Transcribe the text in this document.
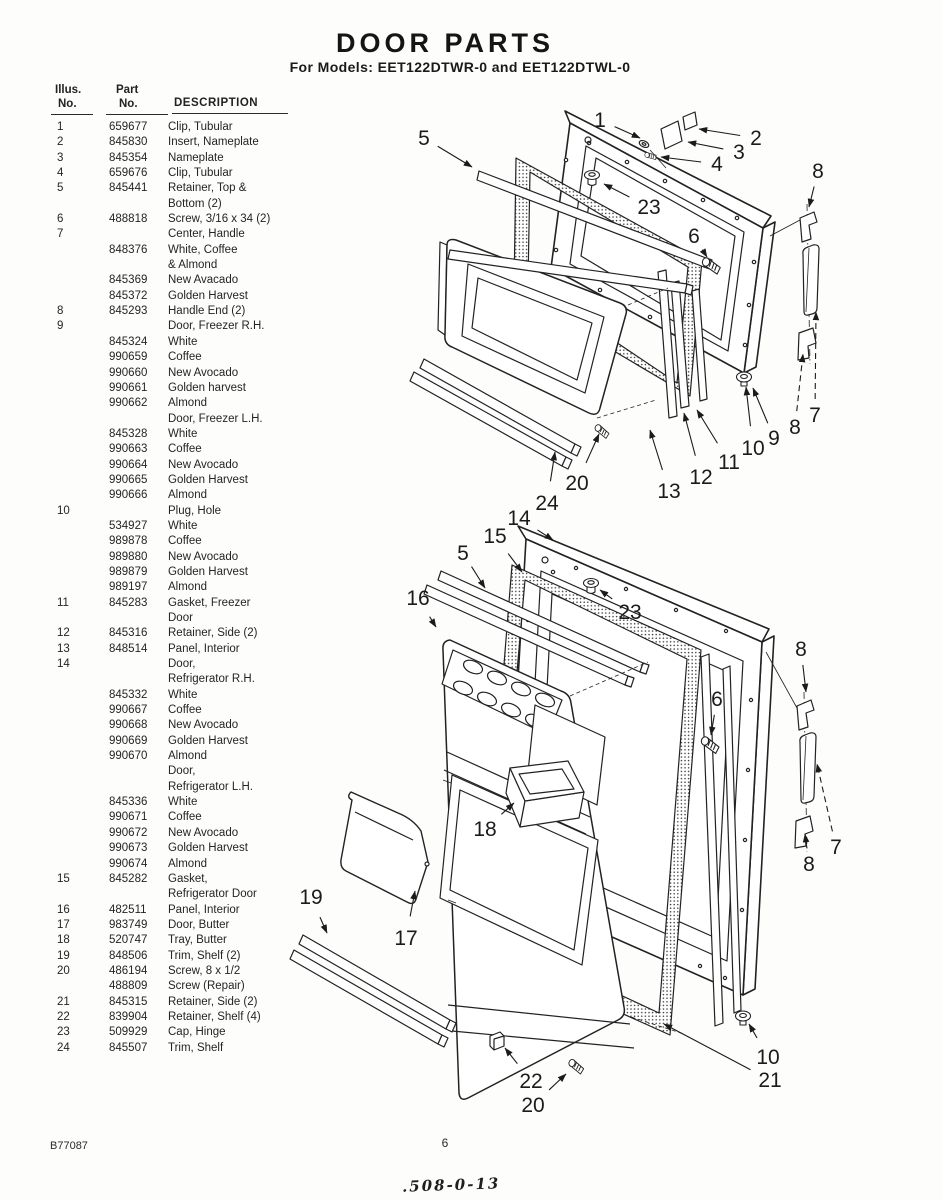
DOOR PARTS
For Models: EET122DTWR-0 and EET122DTWL-0
Illus.
No.
Part
No.	DESCRIPTION
1	659677	Clip, Tubular
2	845830	Insert, Nameplate
3	845354	Nameplate
4	659676	Clip, Tubular
5	845441	Retainer, Top &
Bottom (2)
6	488818	Screw, 3/16 x 34 (2)
7	Center, Handle
848376	White, Coffee
& Almond
845369	New Avacado
845372	Golden Harvest
8	845293	Handle End (2)
9	Door, Freezer R.H.
845324	White
990659	Coffee
990660	New Avocado
990661	Golden harvest
990662	Almond
Door, Freezer L.H.
845328	White
990663	Coffee
990664	New Avocado
990665	Golden Harvest
990666	Almond
10	Plug, Hole
534927	White
989878	Coffee
989880	New Avocado
989879	Golden Harvest
989197	Almond
11	845283	Gasket, Freezer
Door
12	845316	Retainer, Side (2)
13	848514	Panel, Interior
14	Door,
Refrigerator R.H.
845332	White
990667	Coffee
990668	New Avocado
990669	Golden Harvest
990670	Almond
Door,
Refrigerator L.H.
845336	White
990671	Coffee
990672	New Avocado
990673	Golden Harvest
990674	Almond
15	845282	Gasket,
Refrigerator Door
16	482511	Panel, Interior
17	983749	Door, Butter
18	520747	Tray, Butter
19	848506	Trim, Shelf (2)
20	486194	Screw, 8 x 1/2
488809	Screw (Repair)
21	845315	Retainer, Side (2)
22	839904	Retainer, Shelf (4)
23	509929	Cap, Hinge
24	845507	Trim, Shelf
1
2
3
4
5
23
6
8
9
10
11
12
13
20
24
8
7
14
15
5
16
23
6
8
18
17
19
22
20
10
21
8
7
B77087	6
.508-0-13
